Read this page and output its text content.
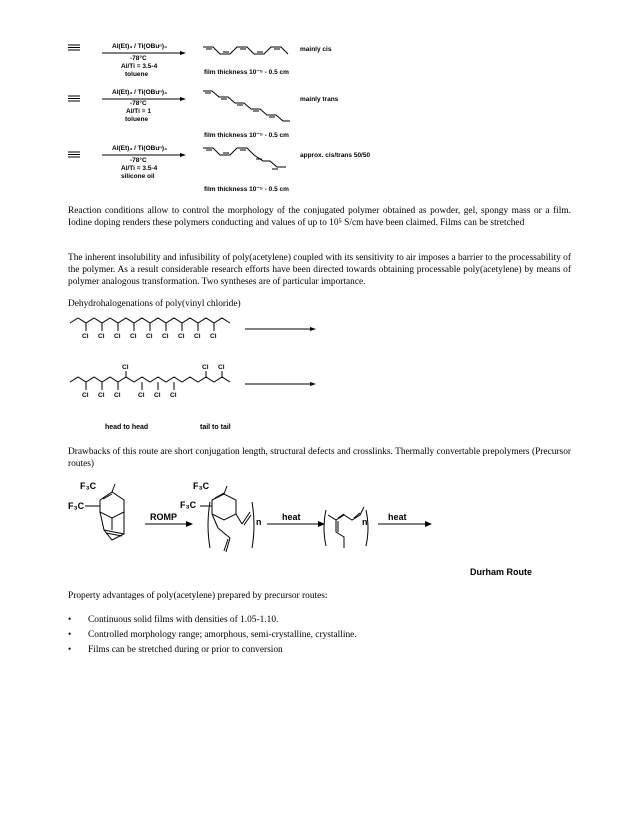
Al(Et)₃ / Ti(OBuⁿ)₄
-78°C
Al/Ti = 3.5-4
toluene	film thickness 10⁻⁵ - 0.5 cm
mainly cis
Al(Et)₃ / Ti(OBuⁿ)₄
-78°C
Al/Ti = 1
toluene
film thickness 10⁻⁵ - 0.5 cm
mainly trans
Al(Et)₃ / Ti(OBuⁿ)₄
-78°C
Al/Ti = 3.5-4
silicone oil
film thickness 10⁻⁵ - 0.5 cm
approx. cis/trans 50/50

Reaction conditions allow to control the morphology of the conjugated polymer obtained as powder, gel, spongy mass or a film. Iodine doping renders these polymers conducting and values of up to 10⁵ S/cm have been claimed. Films can be stretched

The inherent insolubility and infusibility of poly(acetylene) coupled with its sensitivity to air imposes a barrier to the processability of the polymer. As a result considerable research efforts have been directed towards obtaining processable poly(acetylene) by means of polymer analogous transformation. Two syntheses are of particular importance.

Dehydrohalogenations of poly(vinyl chloride)

Cl Cl Cl Cl Cl Cl Cl Cl Cl
Cl	Cl Cl
Cl Cl Cl	Cl Cl Cl
head to head	tail to tail

Drawbacks of this route are short conjugation length, structural defects and crosslinks. Thermally convertable prepolymers (Precursor routes)

F₃C
F₃C
F₃C
F₃C
ROMP	n heat	n heat
Durham Route

Property advantages of poly(acetylene) prepared by precursor routes:

• Continuous solid films with densities of 1.05-1.10.
• Controlled morphology range; amorphous, semi-crystalline, crystalline.
• Films can be stretched during or prior to conversion
